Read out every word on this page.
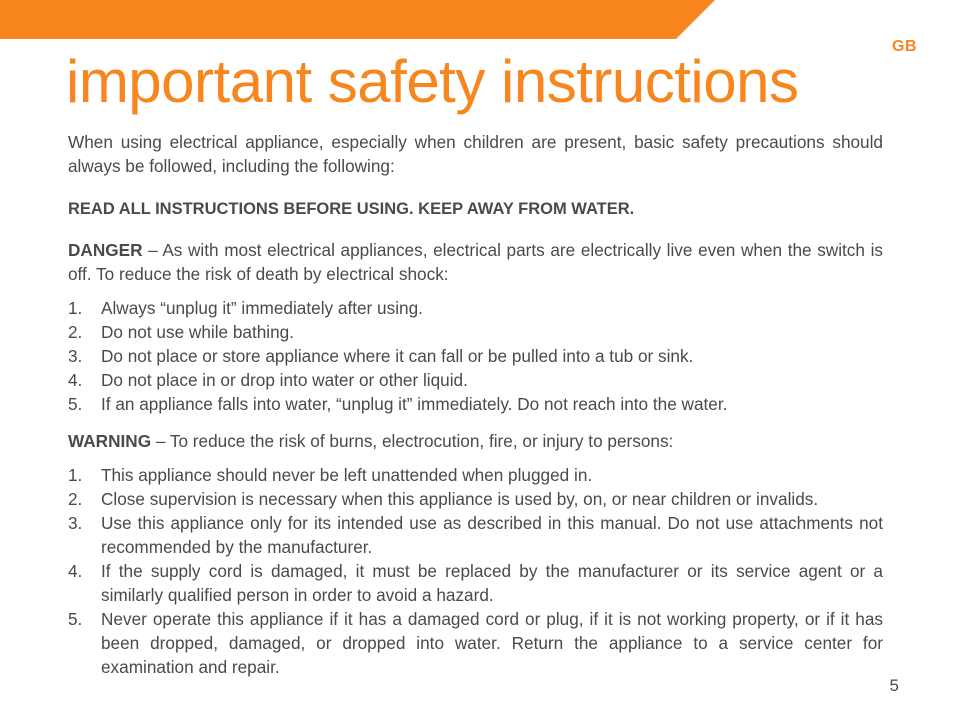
GB
important safety instructions

When using electrical appliance, especially when children are present, basic safety precautions should always be followed, including the following:

READ ALL INSTRUCTIONS BEFORE USING. KEEP AWAY FROM WATER.

DANGER – As with most electrical appliances, electrical parts are electrically live even when the switch is off. To reduce the risk of death by electrical shock:

1.	Always “unplug it” immediately after using.
2.	Do not use while bathing.
3.	Do not place or store appliance where it can fall or be pulled into a tub or sink.
4.	Do not place in or drop into water or other liquid.
5.	If an appliance falls into water, “unplug it” immediately. Do not reach into the water.

WARNING – To reduce the risk of burns, electrocution, fire, or injury to persons:

1.	This appliance should never be left unattended when plugged in.
2.	Close supervision is necessary when this appliance is used by, on, or near children or invalids.
3.	Use this appliance only for its intended use as described in this manual. Do not use attachments not recommended by the manufacturer.
4.	If the supply cord is damaged, it must be replaced by the manufacturer or its service agent or a similarly qualified person in order to avoid a hazard.
5.	Never operate this appliance if it has a damaged cord or plug, if it is not working property, or if it has been dropped, damaged, or dropped into water. Return the appliance to a service center for examination and repair.
5
